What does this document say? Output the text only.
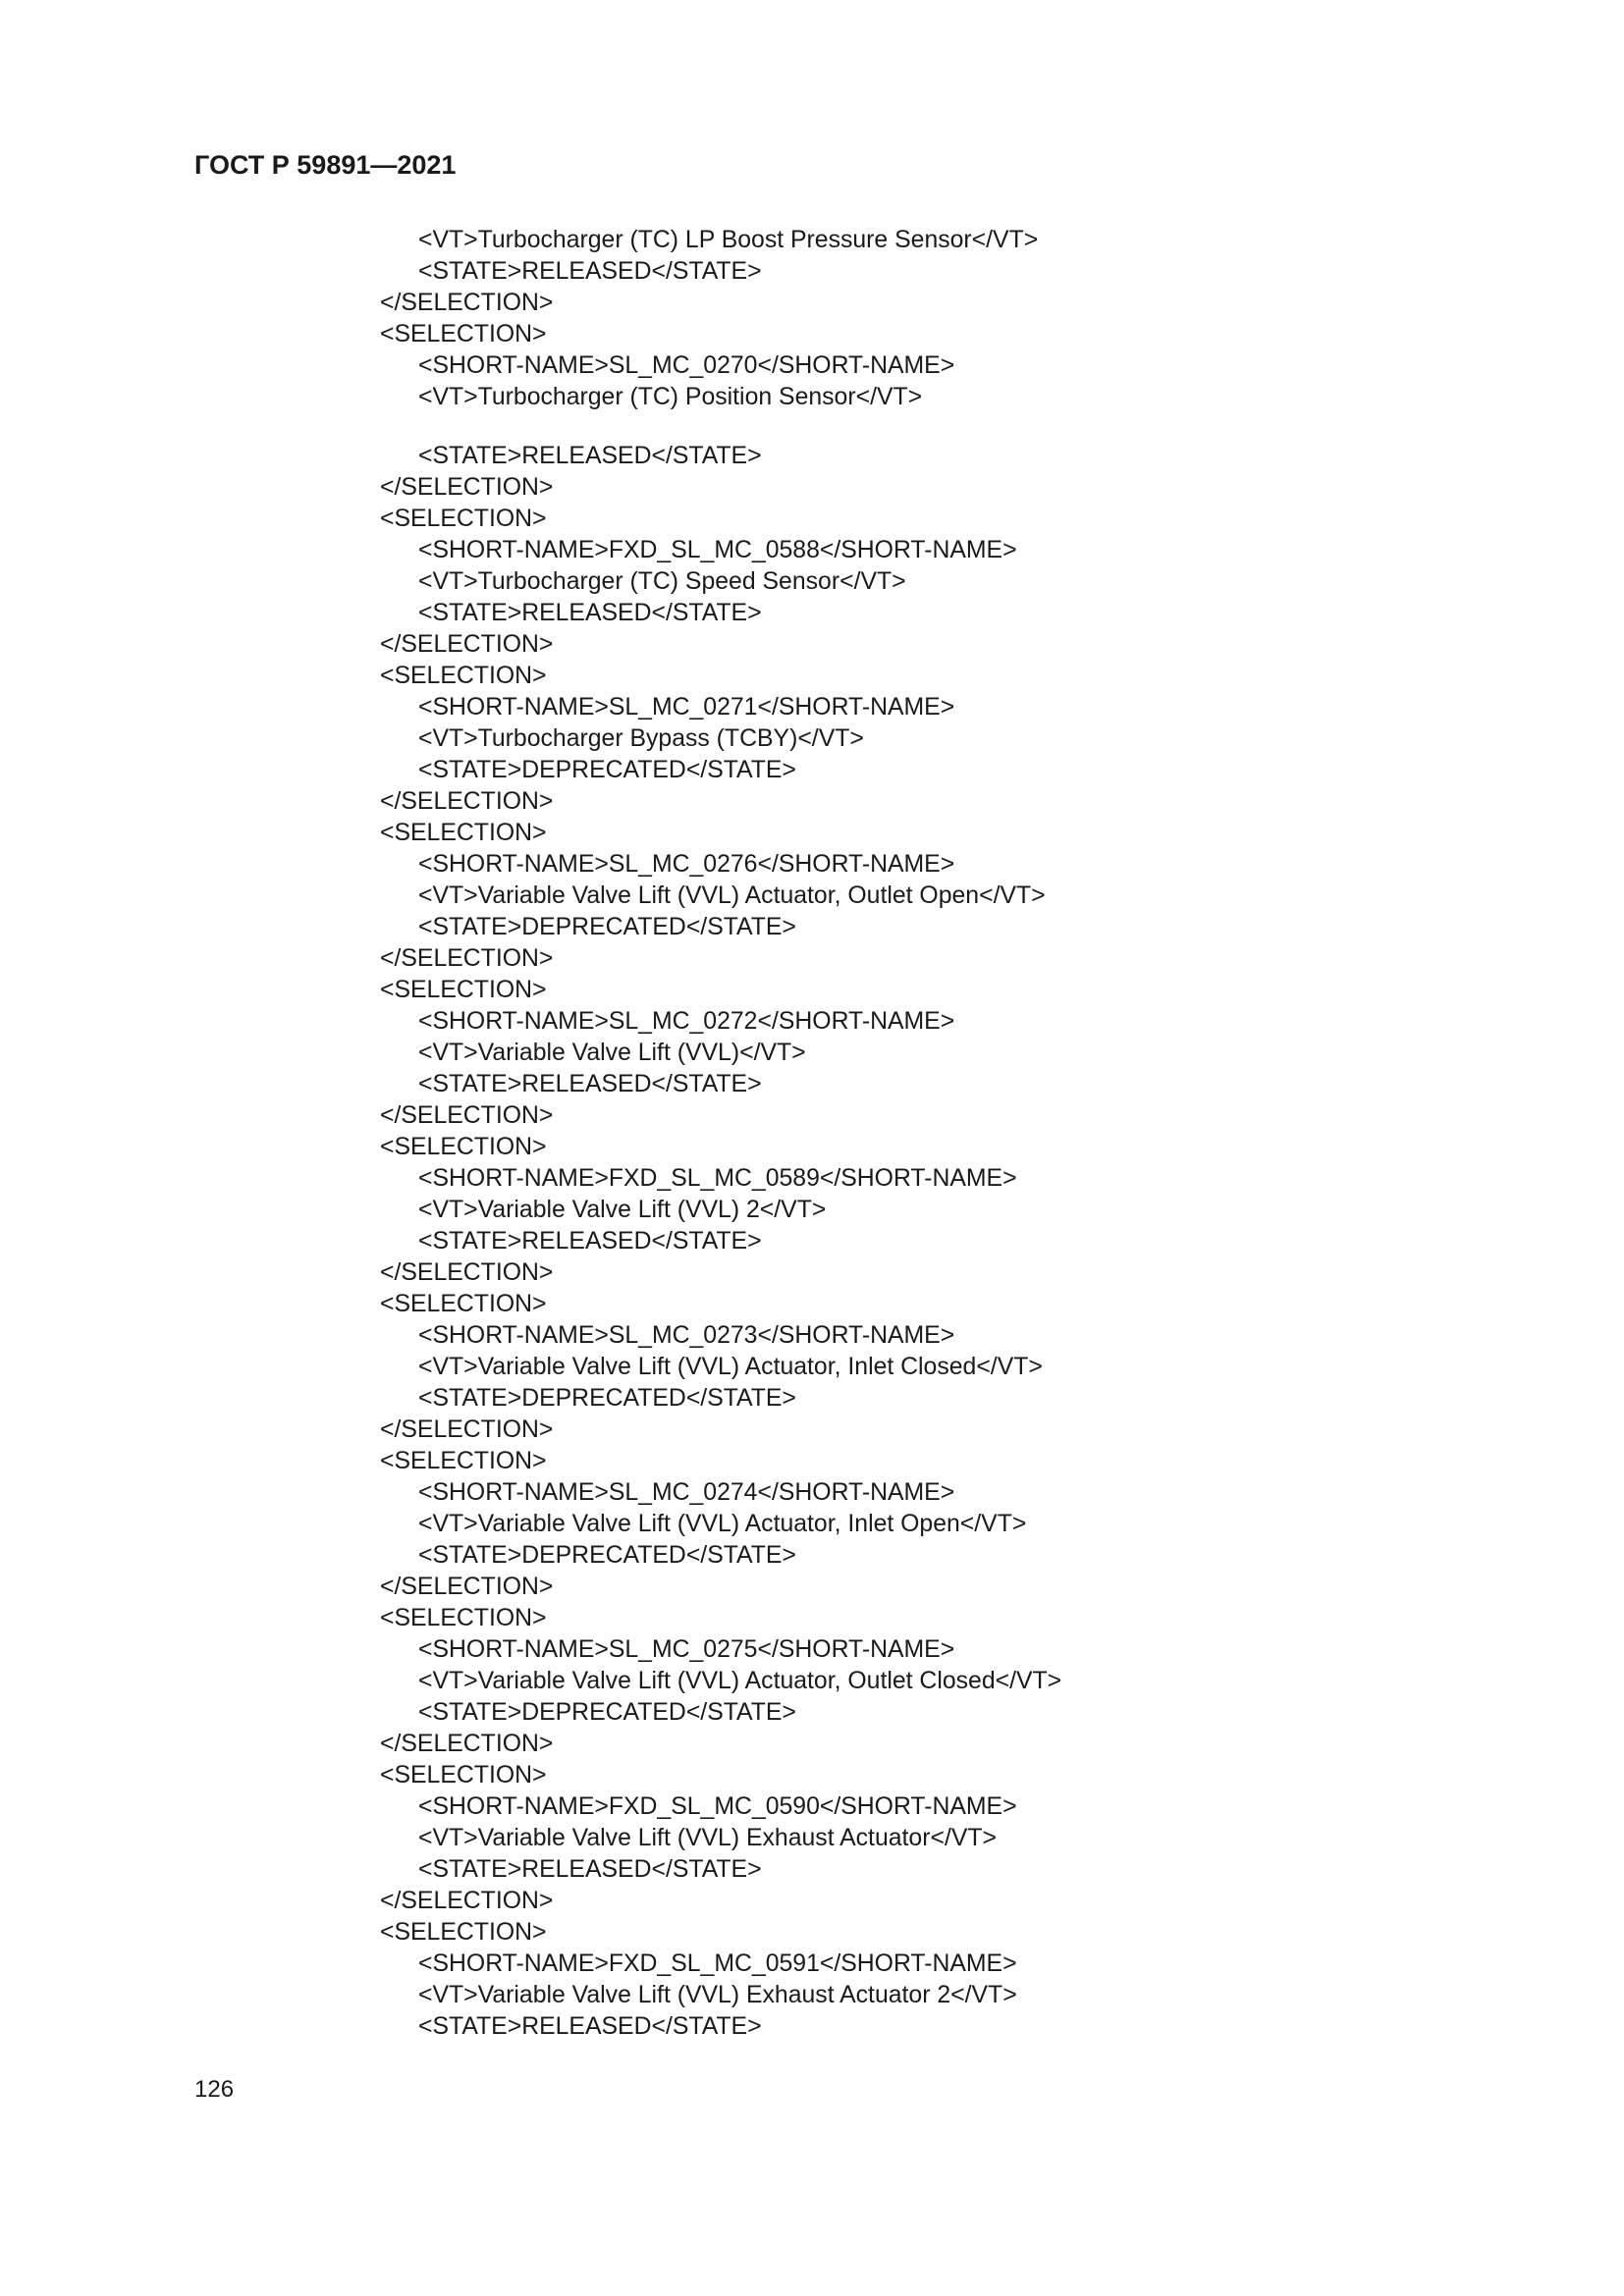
ГОСТ Р 59891—2021
<VT>Turbocharger (TC) LP Boost Pressure Sensor</VT>
<STATE>RELEASED</STATE>
</SELECTION>
<SELECTION>
<SHORT-NAME>SL_MC_0270</SHORT-NAME>
<VT>Turbocharger (TC) Position Sensor</VT>
<STATE>RELEASED</STATE>
</SELECTION>
<SELECTION>
<SHORT-NAME>FXD_SL_MC_0588</SHORT-NAME>
<VT>Turbocharger (TC) Speed Sensor</VT>
<STATE>RELEASED</STATE>
</SELECTION>
<SELECTION>
<SHORT-NAME>SL_MC_0271</SHORT-NAME>
<VT>Turbocharger Bypass (TCBY)</VT>
<STATE>DEPRECATED</STATE>
</SELECTION>
<SELECTION>
<SHORT-NAME>SL_MC_0276</SHORT-NAME>
<VT>Variable Valve Lift (VVL) Actuator, Outlet Open</VT>
<STATE>DEPRECATED</STATE>
</SELECTION>
<SELECTION>
<SHORT-NAME>SL_MC_0272</SHORT-NAME>
<VT>Variable Valve Lift (VVL)</VT>
<STATE>RELEASED</STATE>
</SELECTION>
<SELECTION>
<SHORT-NAME>FXD_SL_MC_0589</SHORT-NAME>
<VT>Variable Valve Lift (VVL) 2</VT>
<STATE>RELEASED</STATE>
</SELECTION>
<SELECTION>
<SHORT-NAME>SL_MC_0273</SHORT-NAME>
<VT>Variable Valve Lift (VVL) Actuator, Inlet Closed</VT>
<STATE>DEPRECATED</STATE>
</SELECTION>
<SELECTION>
<SHORT-NAME>SL_MC_0274</SHORT-NAME>
<VT>Variable Valve Lift (VVL) Actuator, Inlet Open</VT>
<STATE>DEPRECATED</STATE>
</SELECTION>
<SELECTION>
<SHORT-NAME>SL_MC_0275</SHORT-NAME>
<VT>Variable Valve Lift (VVL) Actuator, Outlet Closed</VT>
<STATE>DEPRECATED</STATE>
</SELECTION>
<SELECTION>
<SHORT-NAME>FXD_SL_MC_0590</SHORT-NAME>
<VT>Variable Valve Lift (VVL) Exhaust Actuator</VT>
<STATE>RELEASED</STATE>
</SELECTION>
<SELECTION>
<SHORT-NAME>FXD_SL_MC_0591</SHORT-NAME>
<VT>Variable Valve Lift (VVL) Exhaust Actuator 2</VT>
<STATE>RELEASED</STATE>

126
